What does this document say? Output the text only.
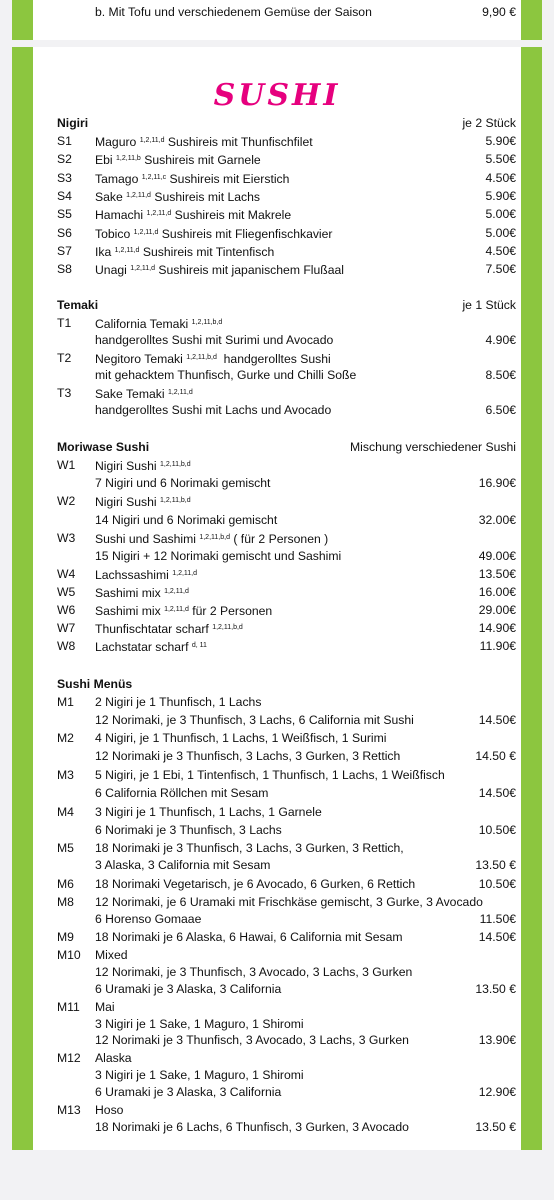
b. Mit Tofu und verschiedenem Gemüse der Saison	9,90 €
SUSHI
Nigiri	je 2 Stück
S1 Maguro $^{1,2,11,d}$ Sushireis mit Thunfischfilet	5.90€
S2 Ebi $^{1,2,11,b}$ Sushireis mit Garnele	5.50€
S3 Tamago $^{1,2,11,c}$ Sushireis mit Eierstich	4.50€
S4 Sake $^{1,2,11,d}$ Sushireis mit Lachs	5.90€
S5 Hamachi $^{1,2,11,d}$ Sushireis mit Makrele	5.00€
S6 Tobico $^{1,2,11,d}$ Sushireis mit Fliegenfischkavier	5.00€
S7 Ika $^{1,2,11,d}$ Sushireis mit Tintenfisch	4.50€
S8 Unagi $^{1,2,11,d}$ Sushireis mit japanischem Flußaal	7.50€
Temaki	je 1 Stück
T1 California Temaki $^{1,2,11,b,d}$
handgerolltes Sushi mit Surimi und Avocado	4.90€
T2 Negitoro Temaki $^{1,2,11,b,d}$ handgerolltes Sushi
mit gehacktem Thunfisch, Gurke und Chilli Soße	8.50€
T3 Sake Temaki $^{1,2,11,d}$
handgerolltes Sushi mit Lachs und Avocado	6.50€
Moriwase Sushi	Mischung verschiedener Sushi
W1 Nigiri Sushi $^{1,2,11,b,d}$
7 Nigiri und 6 Norimaki gemischt	16.90€
W2 Nigiri Sushi $^{1,2,11,b,d}$
14 Nigiri und 6 Norimaki gemischt	32.00€
W3 Sushi und Sashimi $^{1,2,11,b,d}$ ( für 2 Personen )
15 Nigiri + 12 Norimaki gemischt und Sashimi	49.00€
W4 Lachssashimi $^{1,2,11,d}$	13.50€
W5 Sashimi mix $^{1,2,11,d}$	16.00€
W6 Sashimi mix $^{1,2,11,d}$ für 2 Personen	29.00€
W7 Thunfischtatar scharf $^{1,2,11,b,d}$	14.90€
W8 Lachstatar scharf $^{d, 11}$	11.90€
Sushi Menüs
M1 2 Nigiri je 1 Thunfisch, 1 Lachs
12 Norimaki, je 3 Thunfisch, 3 Lachs, 6 California mit Sushi	14.50€
M2 4 Nigiri, je 1 Thunfisch, 1 Lachs, 1 Weißfisch, 1 Surimi
12 Norimaki je 3 Thunfisch, 3 Lachs, 3 Gurken, 3 Rettich	14.50 €
M3 5 Nigiri, je 1 Ebi, 1 Tintenfisch, 1 Thunfisch, 1 Lachs, 1 Weißfisch
6 California Röllchen mit Sesam	14.50€
M4 3 Nigiri je 1 Thunfisch, 1 Lachs, 1 Garnele
6 Norimaki je 3 Thunfisch, 3 Lachs	10.50€
M5 18 Norimaki je 3 Thunfisch, 3 Lachs, 3 Gurken, 3 Rettich,
3 Alaska, 3 California mit Sesam	13.50 €
M6 18 Norimaki Vegetarisch, je 6 Avocado, 6 Gurken, 6 Rettich	10.50€
M8 12 Norimaki, je 6 Uramaki mit Frischkäse gemischt, 3 Gurke, 3 Avocado
6 Horenso Gomaae	11.50€
M9 18 Norimaki je 6 Alaska, 6 Hawai, 6 California mit Sesam	14.50€
M10 Mixed
12 Norimaki, je 3 Thunfisch, 3 Avocado, 3 Lachs, 3 Gurken
6 Uramaki je 3 Alaska, 3 California	13.50 €
M11 Mai
3 Nigiri je 1 Sake, 1 Maguro, 1 Shiromi
12 Norimaki je 3 Thunfisch, 3 Avocado, 3 Lachs, 3 Gurken	13.90€
M12 Alaska
3 Nigiri je 1 Sake, 1 Maguro, 1 Shiromi
6 Uramaki je 3 Alaska, 3 California	12.90€
M13 Hoso
18 Norimaki je 6 Lachs, 6 Thunfisch, 3 Gurken, 3 Avocado	13.50 €
